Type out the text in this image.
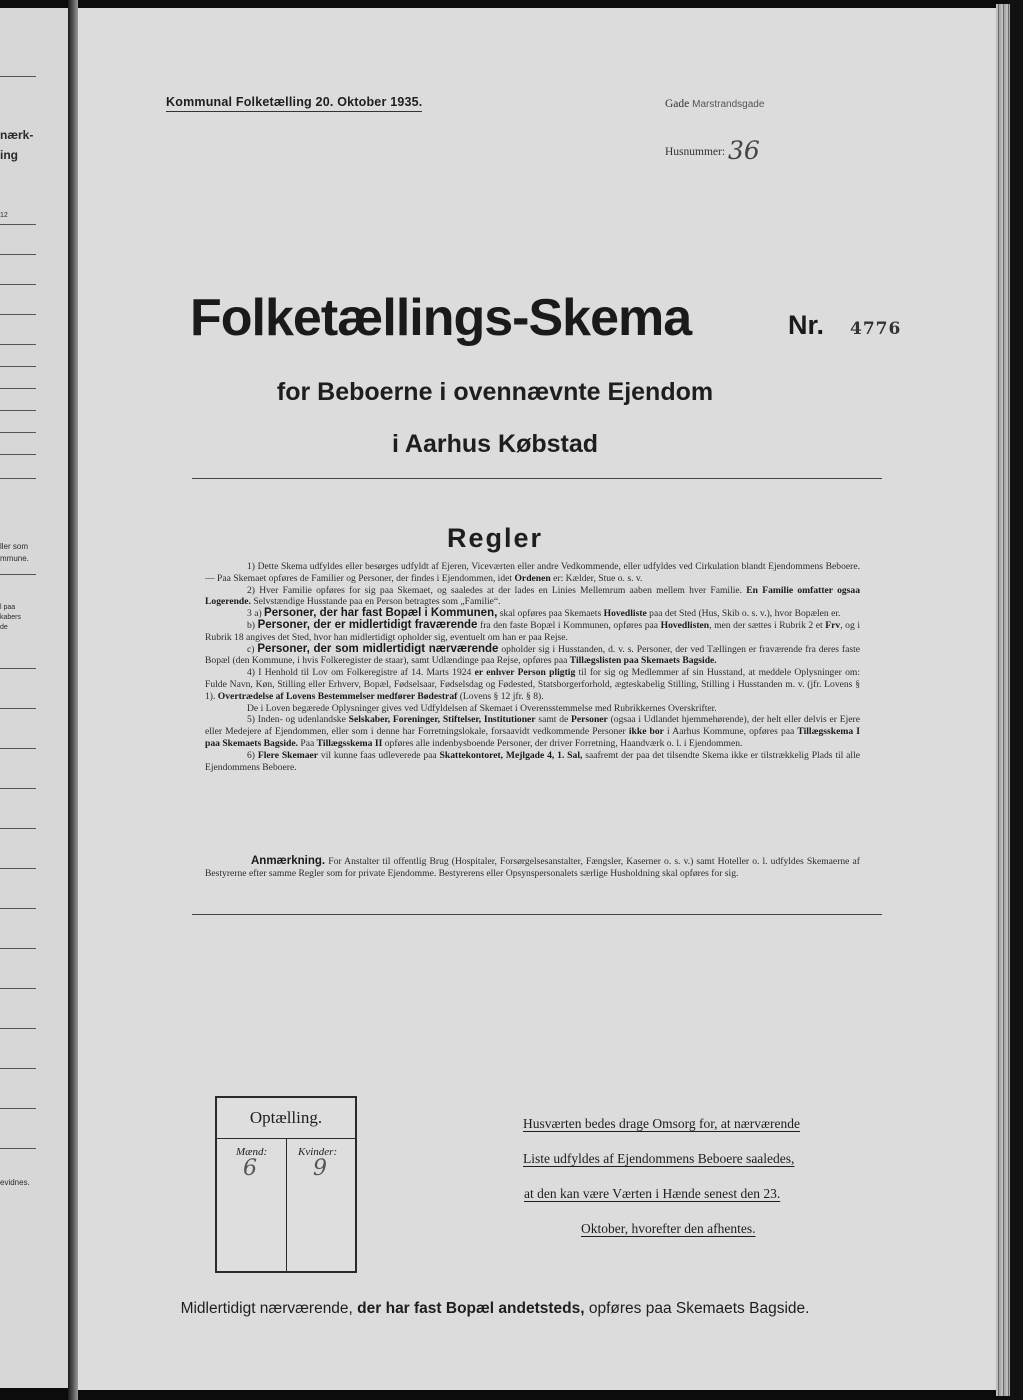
nærk-
ing
12
ller som
mmune.
l paa
kabers
de
evidnes.
Kommunal Folketælling 20. Oktober 1935.	Gade Marstrandsgade
Husnummer: 36
Folketællings-Skema	Nr. 4776
for Beboerne i ovennævnte Ejendom
i Aarhus Købstad
Regler

1) Dette Skema udfyldes eller besørges udfyldt af Ejeren, Viceværten eller andre Vedkommende, eller udfyldes ved Cirkulation blandt Ejendommens Beboere. — Paa Skemaet opføres de Familier og Personer, der findes i Ejendommen, idet Ordenen er: Kælder, Stue o. s. v.

2) Hver Familie opføres for sig paa Skemaet, og saaledes at der lades en Linies Mellemrum aaben mellem hver Familie. En Familie omfatter ogsaa Logerende. Selvstændige Husstande paa en Person betragtes som „Familie“.

3 a) Personer, der har fast Bopæl i Kommunen, skal opføres paa Skemaets Hovedliste paa det Sted (Hus, Skib o. s. v.), hvor Bopælen er.

b) Personer, der er midlertidigt fraværende fra den faste Bopæl i Kommunen, opføres paa Hovedlisten, men der sættes i Rubrik 2 et Frv, og i Rubrik 18 angives det Sted, hvor han midlertidigt opholder sig, eventuelt om han er paa Rejse.

c) Personer, der som midlertidigt nærværende opholder sig i Husstanden, d. v. s. Personer, der ved Tællingen er fraværende fra deres faste Bopæl (den Kommune, i hvis Folkeregister de staar), samt Udlændinge paa Rejse, opføres paa Tillægslisten paa Skemaets Bagside.

4) I Henhold til Lov om Folkeregistre af 14. Marts 1924 er enhver Person pligtig til for sig og Medlemmer af sin Husstand, at meddele Oplysninger om: Fulde Navn, Køn, Stilling eller Erhverv, Bopæl, Fødselsaar, Fødselsdag og Fødested, Statsborgerforhold, ægteskabelig Stilling, Stilling i Husstanden m. v. (jfr. Lovens § 1). Overtrædelse af Lovens Bestemmelser medfører Bødestraf (Lovens § 12 jfr. § 8).

De i Loven begærede Oplysninger gives ved Udfyldelsen af Skemaet i Overensstemmelse med Rubrikkernes Overskrifter.

5) Inden- og udenlandske Selskaber, Foreninger, Stiftelser, Institutioner samt de Personer (ogsaa i Udlandet hjemmehørende), der helt eller delvis er Ejere eller Medejere af Ejendommen, eller som i denne har Forretningslokale, forsaavidt vedkommende Personer ikke bor i Aarhus Kommune, opføres paa Tillægsskema I paa Skemaets Bagside. Paa Tillægsskema II opføres alle indenbysboende Personer, der driver Forretning, Haandværk o. l. i Ejendommen.

6) Flere Skemaer vil kunne faas udleverede paa Skattekontoret, Mejlgade 4, 1. Sal, saafremt der paa det tilsendte Skema ikke er tilstrækkelig Plads til alle Ejendommens Beboere.

Anmærkning. For Anstalter til offentlig Brug (Hospitaler, Forsørgelsesanstalter, Fængsler, Kaserner o. s. v.) samt Hoteller o. l. udfyldes Skemaerne af Bestyrerne efter samme Regler som for private Ejendomme. Bestyrerens eller Opsynspersonalets særlige Husholdning skal opføres for sig.
Optælling.
Mænd:
6
Kvinder:
9
Husværten bedes drage Omsorg for, at nærværende
Liste udfyldes af Ejendommens Beboere saaledes,
at den kan være Værten i Hænde senest den 23.
Oktober, hvorefter den afhentes.
Midlertidigt nærværende, der har fast Bopæl andetsteds, opføres paa Skemaets Bagside.
